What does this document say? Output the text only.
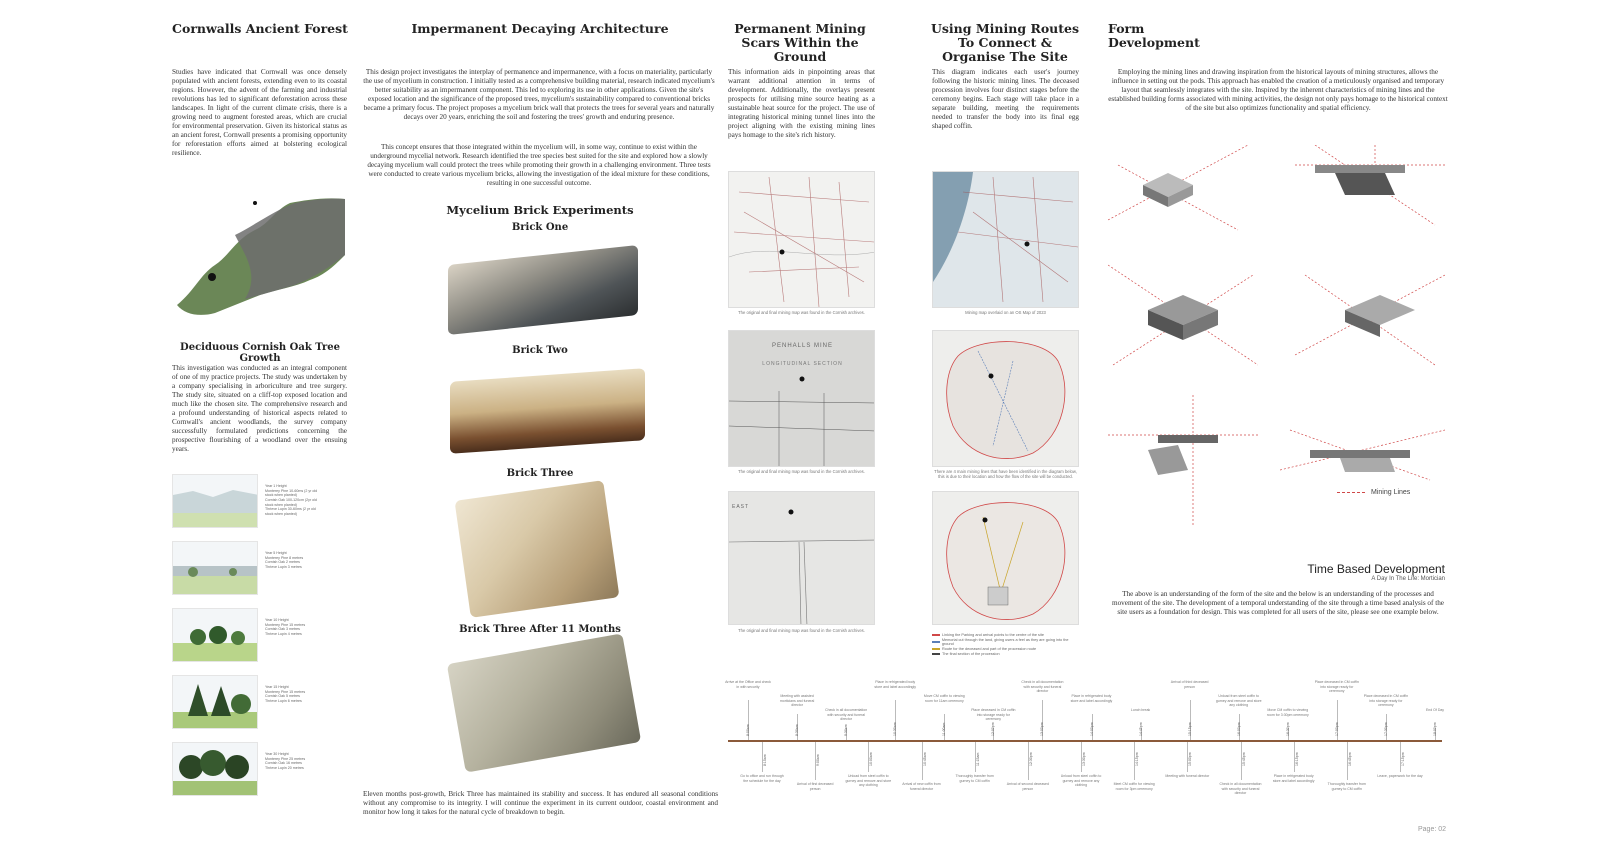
Cornwalls Ancient Forest
Studies have indicated that Cornwall was once densely populated with ancient forests, extending even to its coastal regions. However, the advent of the farming and industrial revolutions has led to significant deforestation across these landscapes. In light of the current climate crisis, there is a growing need to augment forested areas, which are crucial for environmental preservation. Given its historical status as an ancient forest, Cornwall presents a promising opportunity for reforestation efforts aimed at bolstering ecological resilience.
Deciduous Cornish Oak Tree Growth
This investigation was conducted as an integral component of one of my practice projects. The study was undertaken by a company specialising in arboriculture and tree surgery. The study site, situated on a cliff-top exposed location and much like the chosen site. The comprehensive research and a profound understanding of historical aspects related to Cornwall's ancient woodlands, the survey company successfully formulated predictions concerning the prospective flourishing of a woodland over the ensuing years.
Year 1 Height
Monterey Pine 10-60ms (2 yr old stock when planted)
Cornish Oak 100-120cm (2yr old stock when planted)
Thrieve Lupin 30-60ms (2 yr old stock when planted)
Year 5 Height
Monterey Pine 8 metres
Cornish Oak 2 metres
Thrieve Lupin 3 metres
Year 10 Height
Monterey Pine 15 metres
Cornish Oak 3 metres
Thrieve Lupin 4 metres
Year 15 Height
Monterey Pine 15 metres
Cornish Oak 5 metres
Thrieve Lupin 6 metres
Year 30 Height
Monterey Pine 25 metres
Cornish Oak 16 metres
Thrieve Lupin 20 metres
Impermanent Decaying Architecture
This design project investigates the interplay of permanence and impermanence, with a focus on materiality, particularly the use of mycelium in construction. I initially tested as a comprehensive building material, research indicated mycelium's better suitability as an impermanent component. This led to exploring its use in other applications. Given the site's exposed location and the significance of the proposed trees, mycelium's sustainability compared to conventional bricks became a primary focus. The project proposes a mycelium brick wall that protects the trees for several years and naturally decays over 20 years, enriching the soil and fostering the trees' growth and enduring presence.
This concept ensures that those integrated within the mycelium will, in some way, continue to exist within the underground mycelial network. Research identified the tree species best suited for the site and explored how a slowly decaying mycelium wall could protect the trees while promoting their growth in a challenging environment. Three tests were conducted to create various mycelium bricks, allowing the investigation of the ideal mixture for these conditions, resulting in one successful outcome.
Mycelium Brick Experiments
Brick One
Brick Two
Brick Three
Brick Three After 11 Months
Eleven months post-growth, Brick Three has maintained its stability and success. It has endured all seasonal conditions without any compromise to its integrity. I will continue the experiment in its current outdoor, coastal environment and monitor how long it takes for the natural cycle of breakdown to begin.
Permanent Mining Scars Within the Ground
This information aids in pinpointing areas that warrant additional attention in terms of development. Additionally, the overlays present prospects for utilising mine source heating as a sustainable heat source for the project. The use of integrating historical mining tunnel lines into the project aligning with the existing mining lines pays homage to the site's rich history.
The original and final mining map was found in the Cornish archives.
PENHALLS MINE
LONGITUDINAL SECTION
The original and final mining map was found in the Cornish archives.
EAST
The original and final mining map was found in the Cornish archives.
Using Mining Routes To Connect & Organise The Site
This diagram indicates each user's journey following the historic mining lines. The deceased procession involves four distinct stages before the ceremony begins. Each stage will take place in a separate building, meeting the requirements needed to transfer the body into its final egg shaped coffin.
Mining map overlaid on an OS Map of 2023
There are 4 main mining lines that have been identified in the diagram below, this is due to their location and how the flow of the site will be conducted.
Linking the Parking and arrival points to the centre of the site
Memorial cut through the land, giving users a feel as they are going into the ground
Route for the deceased and part of the procession route
The final section of the procession
Form Development
Employing the mining lines and drawing inspiration from the historical layouts of mining structures, allows the influence in setting out the pods. This approach has enabled the creation of a meticulously organised and temporary layout that seamlessly integrates with the site. Inspired by the inherent characteristics of mining lines and the established building forms associated with mining activities, the design not only pays homage to the historical context of the site but also optimizes functionality and spatial efficiency.
Mining Lines
Time Based Development
A Day In The Life: Mortician
The above is an understanding of the form of the site and the below is an understanding of the processes and movement of the site. The development of a temporal understanding of the site through a time based analysis of the site users as a foundation for design. This was completed for all users of the site, please see one example below.
Arrive at the Office and check in with security
8:00am
Meeting with assisted morticians and funeral director
8:30am
Check in all documentation with security and funeral director
9:30am
Place in refrigerated body store and label accordingly
10:30am
Move CM coffin to viewing room for 11am ceremony
11:00am
Place deceased in CM coffin into storage ready for ceremony
12:00pm
Check in all documentation with security and funeral director
13:00pm
Place in refrigerated body store and label accordingly
14:00pm
Lunch break
14:45pm
Arrival of third deceased person
15:15pm
Unload from steel coffin to gurney and remove and store any clothing
16:00pm
Move CM coffin to viewing room for 3:30pm ceremony
16:30pm
Place deceased in CM coffin into storage ready for ceremony
17:00pm
Place deceased in CM coffin into storage ready for ceremony
17:30pm
End Of Day
18:00pm
8:15am
Go to office and run through the schedule for the day
9:00am
Arrival of first deceased person
10:00am
Unload from steel coffin to gurney and remove and store any clothing
10:45am
Arrival of new coffin from funeral director
11:15am
Thoroughly transfer from gurney to CM coffin
12:30pm
Arrival of second deceased person
13:30pm
Unload from steel coffin to gurney and remove any clothing
14:15pm
Meet CM coffin for viewing room for 3pm ceremony
15:00pm
Meeting with funeral director
15:45pm
Check in all documentation with security and funeral director
16:15pm
Place in refrigerated body store and label accordingly
16:45pm
Thoroughly transfer from gurney to CM coffin
17:15pm
Leave, paperwork for the day
Page: 02
